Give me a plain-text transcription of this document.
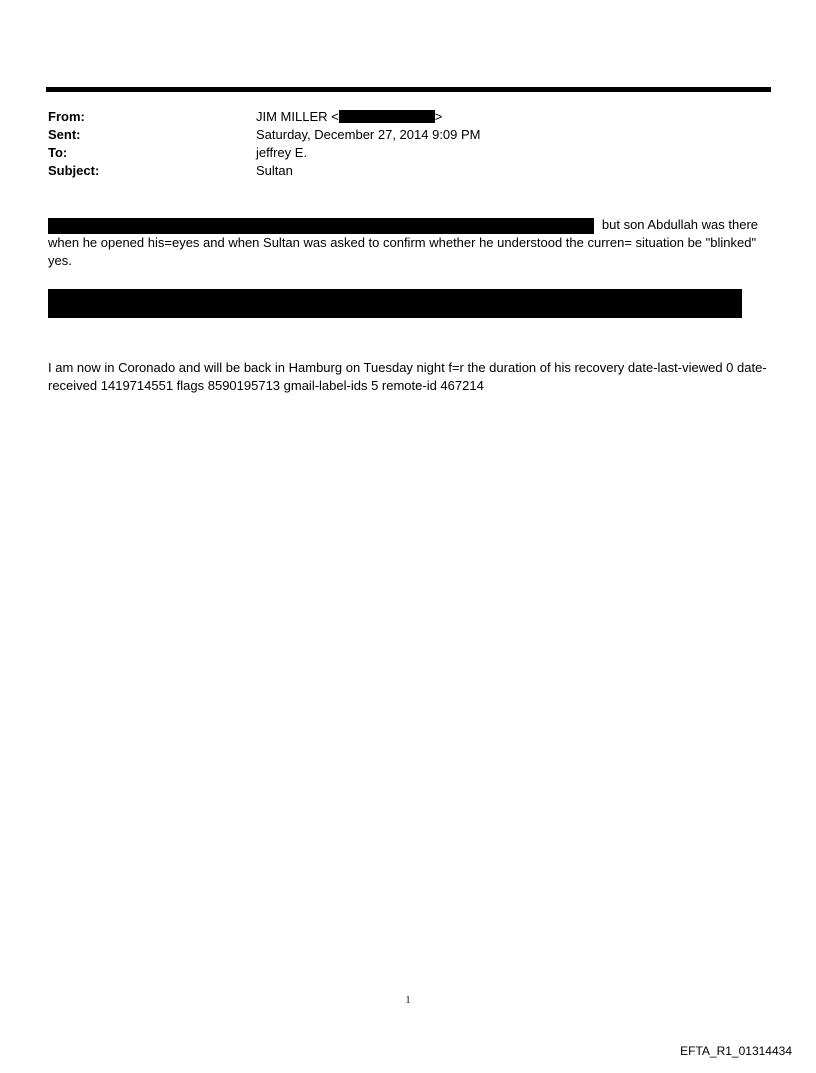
From:	JIM MILLER <	>
Sent:	Saturday, December 27, 2014 9:09 PM
To:	jeffrey E.
Subject:	Sultan
but son Abdullah was there
when he opened his=eyes and when Sultan was asked to confirm whether he understood the curren= situation be "blinked" yes.
I am now in Coronado and will be back in Hamburg on Tuesday night f=r the duration of his recovery date-last-viewed 0 date-received 1419714551 flags 8590195713 gmail-label-ids 5 remote-id 467214
1
EFTA_R1_01314434
